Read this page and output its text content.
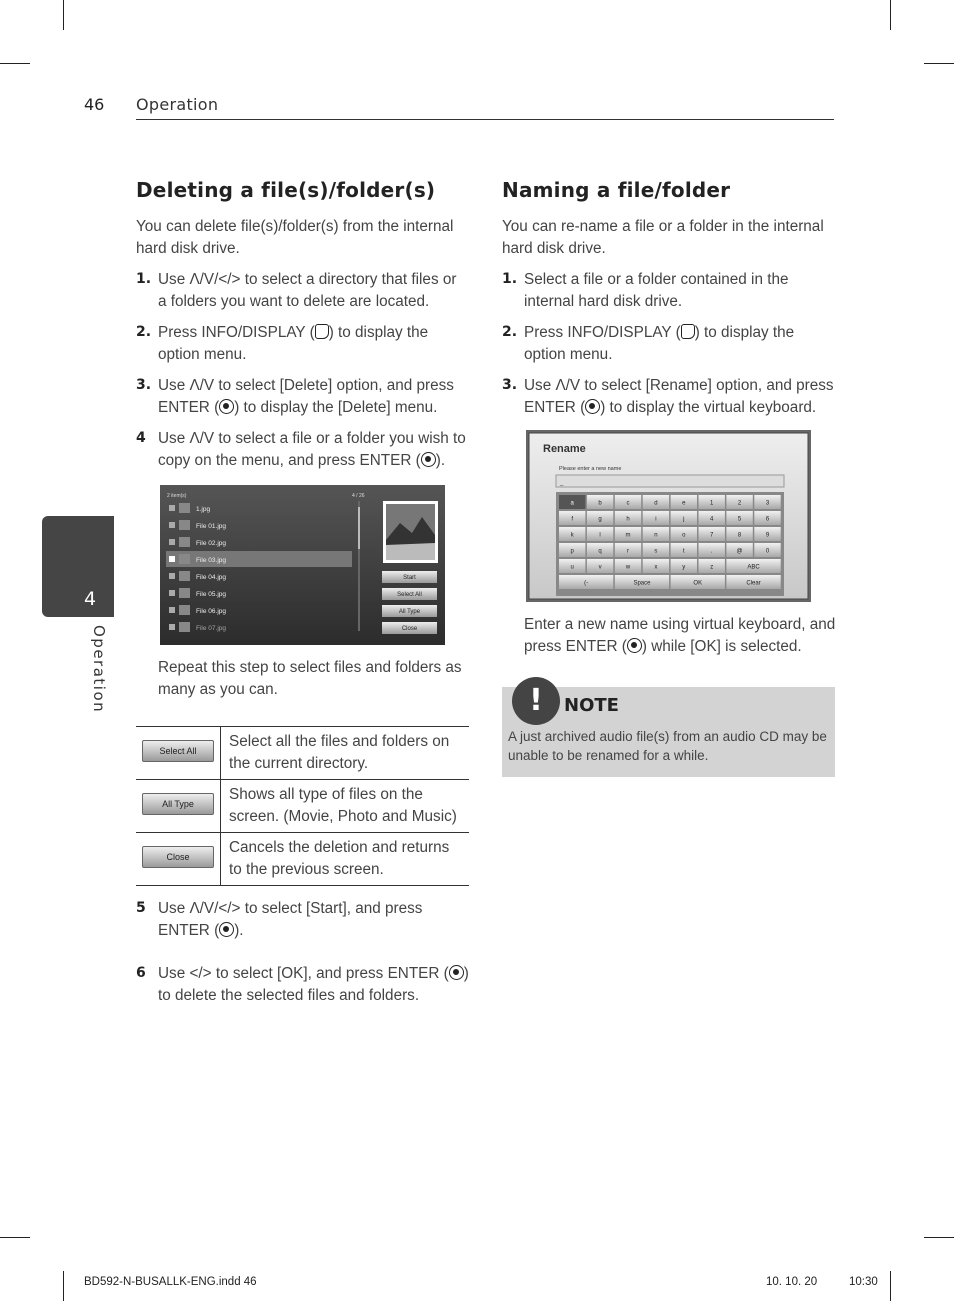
46 Operation
4
Operation
Deleting a file(s)/folder(s)

You can delete file(s)/folder(s) from the internal hard disk drive.

1. Use Λ/V/</> to select a directory that files or a folders you want to delete are located.
2. Press INFO/DISPLAY ( ) to display the option menu.
3. Use Λ/V to select [Delete] option, and press ENTER ( ) to display the [Delete] menu.
4 Use Λ/V to select a file or a folder you wish to copy on the menu, and press ENTER ( ).
2 item(s)	4 / 26
1.jpg
File 01.jpg
File 02.jpg
File 03.jpg
File 04.jpg
File 05.jpg
File 06.jpg
File 07.jpg
Start
Select All
All Type
Close

Repeat this step to select files and folders as many as you can.

Select All	Select all the files and folders on the current directory.

All Type	Shows all type of files on the screen. (Movie, Photo and Music)

Close	Cancels the deletion and returns to the previous screen.
5 Use Λ/V/</> to select [Start], and press ENTER ( ).
6 Use </> to select [OK], and press ENTER ( ) to delete the selected files and folders.
Naming a file/folder

You can re-name a file or a folder in the internal hard disk drive.

1. Select a file or a folder contained in the internal hard disk drive.
2. Press INFO/DISPLAY ( ) to display the option menu.
3. Use Λ/V to select [Rename] option, and press ENTER ( ) to display the virtual keyboard.
Rename
Please enter a new name
_
a	b	c	d	e	1	2	3
f	g	h	i	j	4	5	6
k	l	m	n	o	7	8	9
p	q	r	s	t	.	@	0
u	v	w	x	y	z	ABC
(-	Space	OK	Clear

Enter a new name using virtual keyboard, and press ENTER ( ) while [OK] is selected.

!	NOTE
A just archived audio file(s) from an audio CD may be unable to be renamed for a while.
BD592-N-BUSALLK-ENG.indd 46	10. 10. 20	10:30
